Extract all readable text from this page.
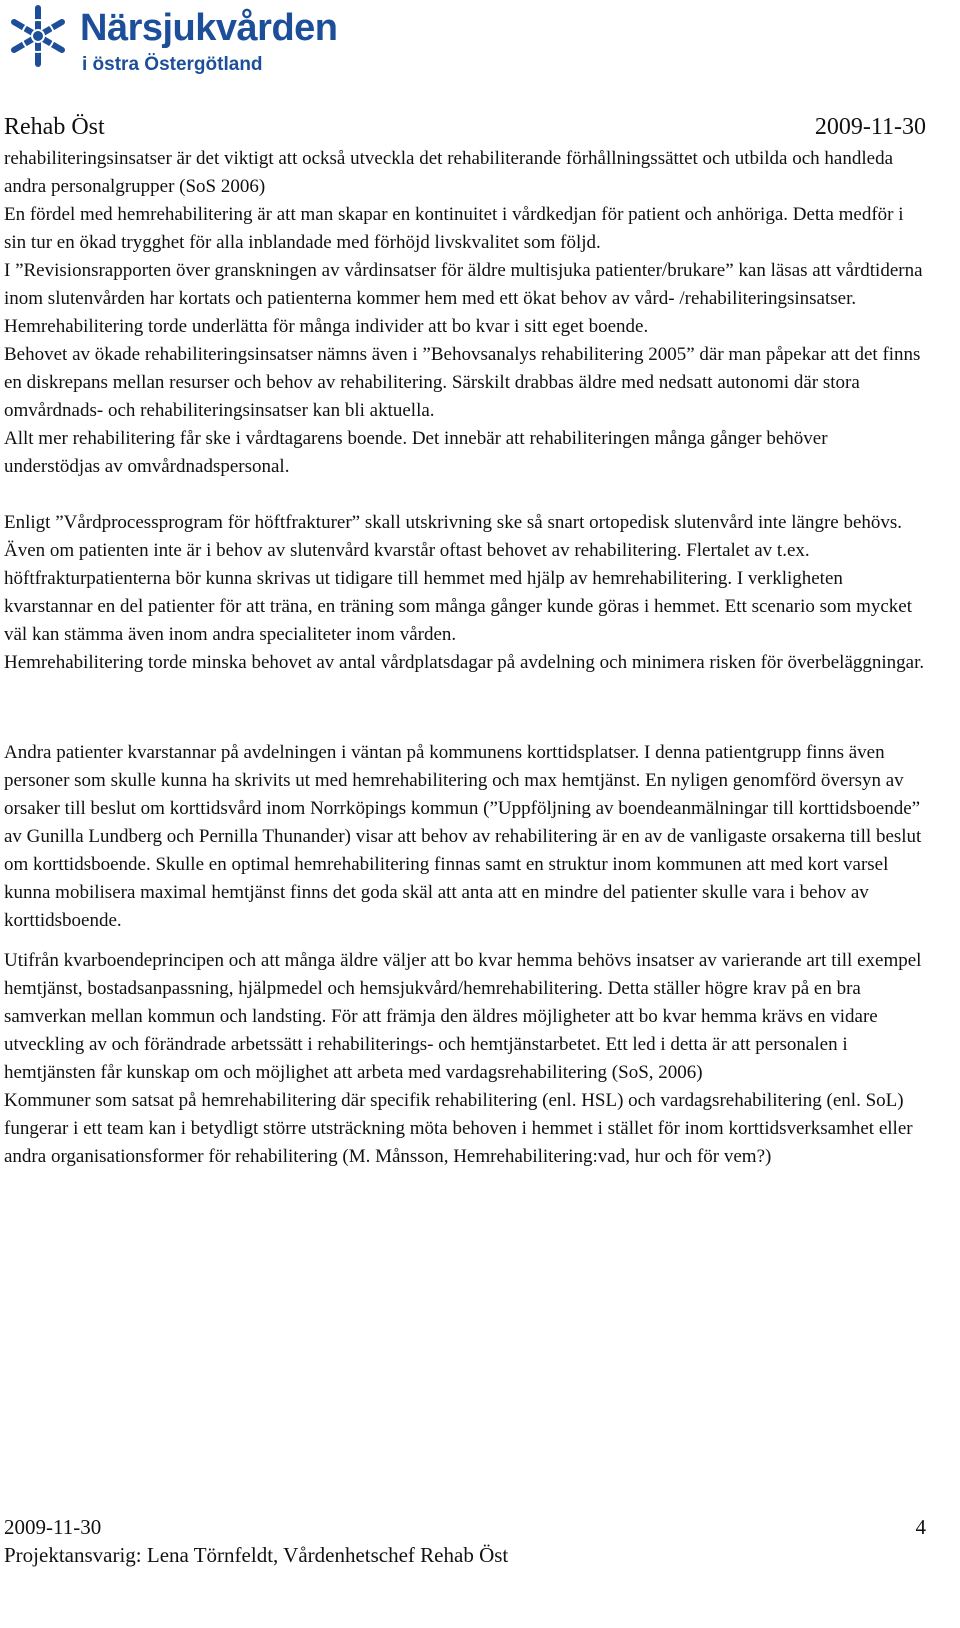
Närsjukvården
i östra Östergötland
Rehab Öst	2009-11-30

rehabiliteringsinsatser är det viktigt att också utveckla det rehabiliterande förhållningssättet och utbilda och handleda andra personalgrupper (SoS 2006)

En fördel med hemrehabilitering är att man skapar en kontinuitet i vårdkedjan för patient och anhöriga. Detta medför i sin tur en ökad trygghet för alla inblandade med förhöjd livskvalitet som följd.

I ”Revisionsrapporten över granskningen av vårdinsatser för äldre multisjuka patienter/brukare” kan läsas att vårdtiderna inom slutenvården har kortats och patienterna kommer hem med ett ökat behov av vård- /rehabiliteringsinsatser. Hemrehabilitering torde underlätta för många individer att bo kvar i sitt eget boende.

Behovet av ökade rehabiliteringsinsatser nämns även i ”Behovsanalys rehabilitering 2005” där man påpekar att det finns en diskrepans mellan resurser och behov av rehabilitering. Särskilt drabbas äldre med nedsatt autonomi där stora omvårdnads- och rehabiliteringsinsatser kan bli aktuella.

Allt mer rehabilitering får ske i vårdtagarens boende. Det innebär att rehabiliteringen många gånger behöver understödjas av omvårdnadspersonal.

Enligt ”Vårdprocessprogram för höftfrakturer” skall utskrivning ske så snart ortopedisk slutenvård inte längre behövs. Även om patienten inte är i behov av slutenvård kvarstår oftast behovet av rehabilitering. Flertalet av t.ex. höftfrakturpatienterna bör kunna skrivas ut tidigare till hemmet med hjälp av hemrehabilitering. I verkligheten kvarstannar en del patienter för att träna, en träning som många gånger kunde göras i hemmet. Ett scenario som mycket väl kan stämma även inom andra specialiteter inom vården.

Hemrehabilitering torde minska behovet av antal vårdplatsdagar på avdelning och minimera risken för överbeläggningar.

Andra patienter kvarstannar på avdelningen i väntan på kommunens korttidsplatser. I denna patientgrupp finns även personer som skulle kunna ha skrivits ut med hemrehabilitering och max hemtjänst. En nyligen genomförd översyn av orsaker till beslut om korttidsvård inom Norrköpings kommun (”Uppföljning av boendeanmälningar till korttidsboende” av Gunilla Lundberg och Pernilla Thunander) visar att behov av rehabilitering är en av de vanligaste orsakerna till beslut om korttidsboende. Skulle en optimal hemrehabilitering finnas samt en struktur inom kommunen att med kort varsel kunna mobilisera maximal hemtjänst finns det goda skäl att anta att en mindre del patienter skulle vara i behov av korttidsboende.

Utifrån kvarboendeprincipen och att många äldre väljer att bo kvar hemma behövs insatser av varierande art till exempel hemtjänst, bostadsanpassning, hjälpmedel och hemsjukvård/hemrehabilitering. Detta ställer högre krav på en bra samverkan mellan kommun och landsting. För att främja den äldres möjligheter att bo kvar hemma krävs en vidare utveckling av och förändrade arbetssätt i rehabiliterings- och hemtjänstarbetet. Ett led i detta är att personalen i hemtjänsten får kunskap om och möjlighet att arbeta med vardagsrehabilitering (SoS, 2006)

Kommuner som satsat på hemrehabilitering där specifik rehabilitering (enl. HSL) och vardagsrehabilitering (enl. SoL) fungerar i ett team kan i betydligt större utsträckning möta behoven i hemmet i stället för inom korttidsverksamhet eller andra organisationsformer för rehabilitering (M. Månsson, Hemrehabilitering:vad, hur och för vem?)

2009-11-30	4
Projektansvarig: Lena Törnfeldt, Vårdenhetschef Rehab Öst
